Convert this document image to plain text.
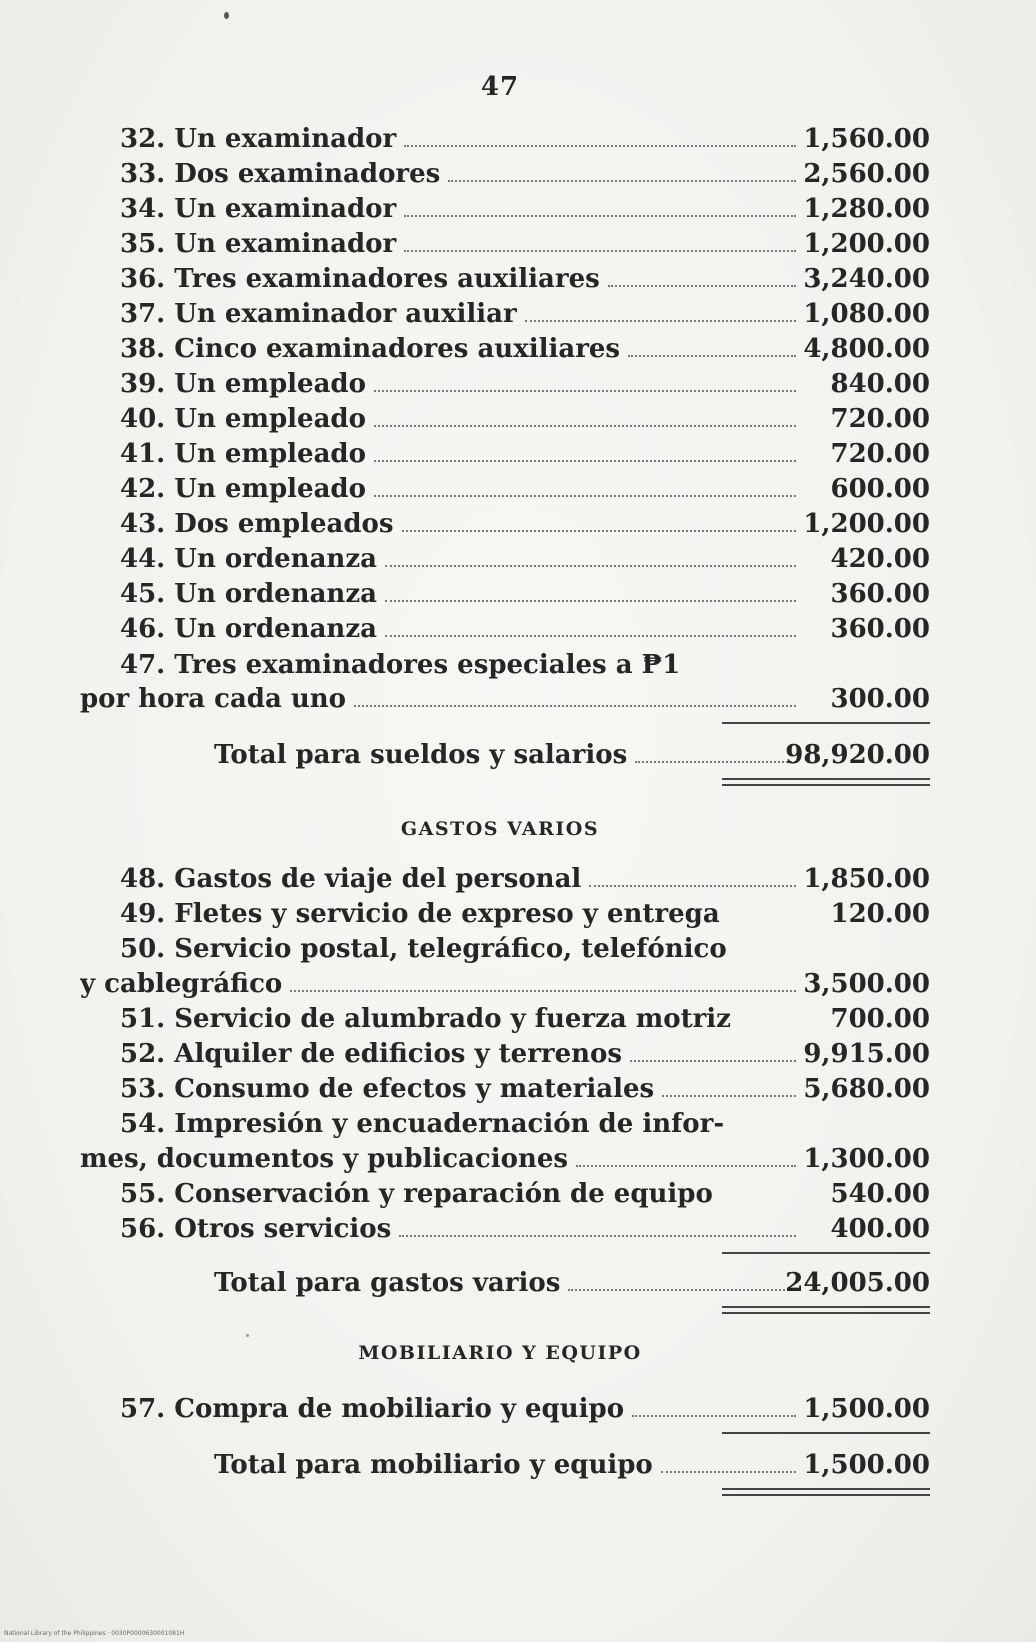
47
32. Un examinador	1,560.00
33. Dos examinadores	2,560.00
34. Un examinador	1,280.00
35. Un examinador	1,200.00
36. Tres examinadores auxiliares	3,240.00
37. Un examinador auxiliar	1,080.00
38. Cinco examinadores auxiliares	4,800.00
39. Un empleado	840.00
40. Un empleado	720.00
41. Un empleado	720.00
42. Un empleado	600.00
43. Dos empleados	1,200.00
44. Un ordenanza	420.00
45. Un ordenanza	360.00
46. Un ordenanza	360.00
47. Tres examinadores especiales a ₱1
por hora cada uno	300.00
Total para sueldos y salarios	98,920.00
GASTOS VARIOS
48. Gastos de viaje del personal	1,850.00
49. Fletes y servicio de expreso y entrega	120.00
50. Servicio postal, telegráfico, telefónico
y cablegráfico	3,500.00
51. Servicio de alumbrado y fuerza motriz	700.00
52. Alquiler de edificios y terrenos	9,915.00
53. Consumo de efectos y materiales	5,680.00
54. Impresión y encuadernación de infor-
mes, documentos y publicaciones	1,300.00
55. Conservación y reparación de equipo	540.00
56. Otros servicios	400.00
Total para gastos varios	24,005.00
MOBILIARIO Y EQUIPO
57. Compra de mobiliario y equipo	1,500.00
Total para mobiliario y equipo	1,500.00
National Library of the Philippines · 0030P0000630001081H
